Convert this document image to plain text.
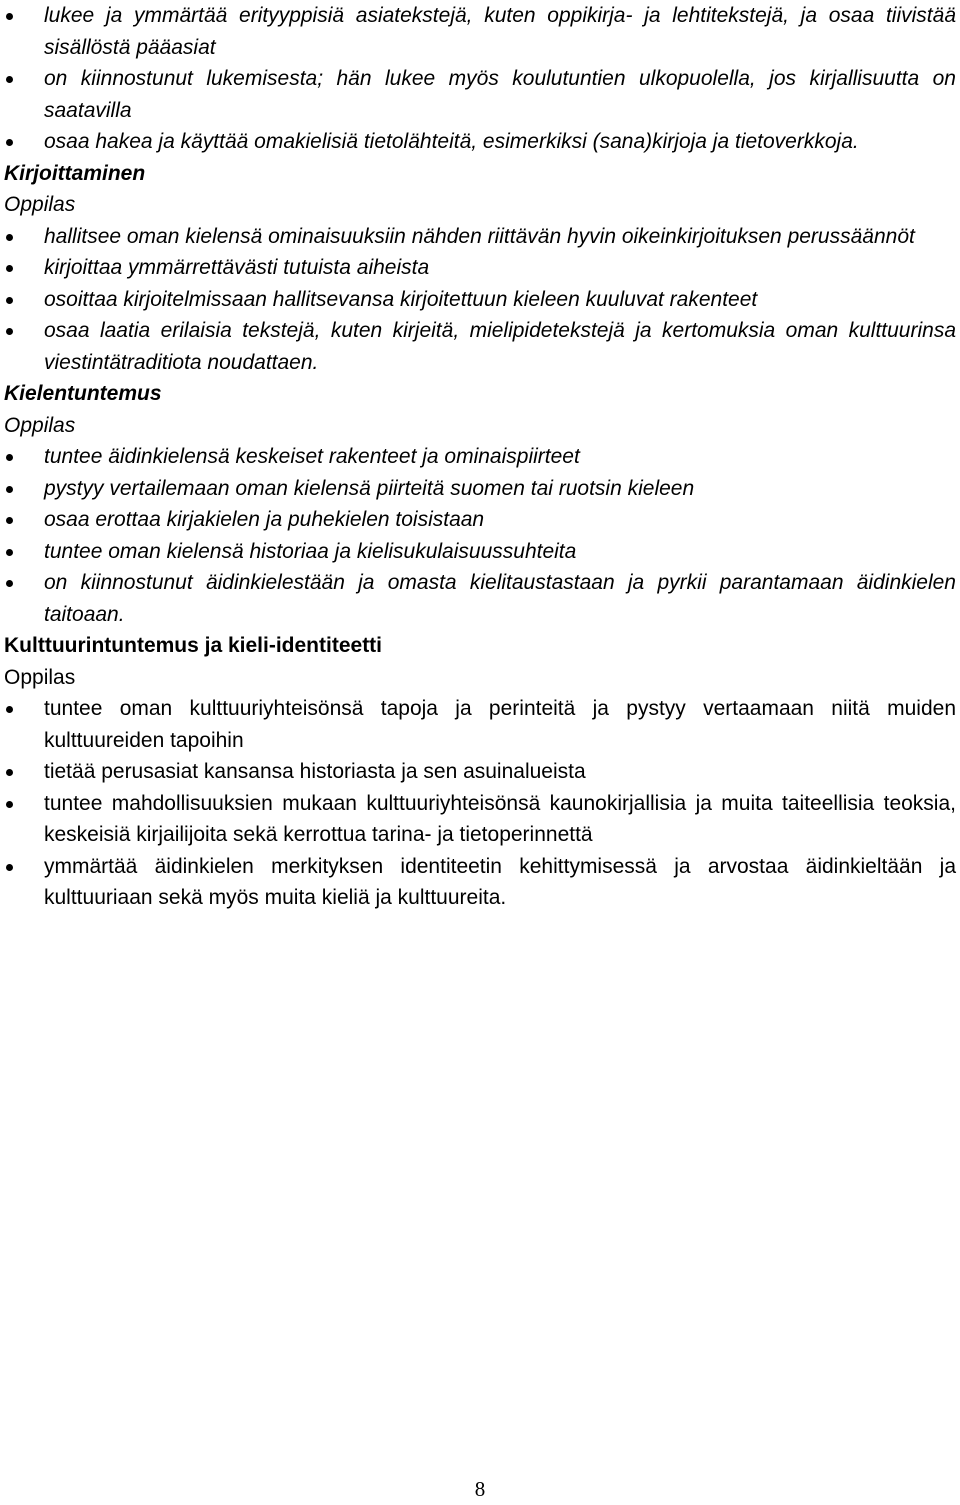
lukee ja ymmärtää erityyppisiä asiatekstejä, kuten oppikirja- ja lehtitekstejä, ja osaa tiivistää sisällöstä pääasiat
on kiinnostunut lukemisesta; hän lukee myös koulutuntien ulkopuolella, jos kirjallisuutta on saatavilla
osaa hakea ja käyttää omakielisiä tietolähteitä, esimerkiksi (sana)kirjoja ja tietoverkkoja.
Kirjoittaminen

Oppilas

hallitsee oman kielensä ominaisuuksiin nähden riittävän hyvin oikeinkirjoituksen perussäännöt
kirjoittaa ymmärrettävästi tutuista aiheista
osoittaa kirjoitelmissaan hallitsevansa kirjoitettuun kieleen kuuluvat rakenteet
osaa laatia erilaisia tekstejä, kuten kirjeitä, mielipidetekstejä ja kertomuksia oman kulttuurinsa viestintätraditiota noudattaen.
Kielentuntemus

Oppilas

tuntee äidinkielensä keskeiset rakenteet ja ominaispiirteet
pystyy vertailemaan oman kielensä piirteitä suomen tai ruotsin kieleen
osaa erottaa kirjakielen ja puhekielen toisistaan
tuntee oman kielensä historiaa ja kielisukulaisuussuhteita
on kiinnostunut äidinkielestään ja omasta kielitaustastaan ja pyrkii parantamaan äidinkielen taitoaan.
Kulttuurintuntemus ja kieli-identiteetti

Oppilas

tuntee oman kulttuuriyhteisönsä tapoja ja perinteitä ja pystyy vertaamaan niitä muiden kulttuureiden tapoihin
tietää perusasiat kansansa historiasta ja sen asuinalueista
tuntee mahdollisuuksien mukaan kulttuuriyhteisönsä kaunokirjallisia ja muita taiteellisia teoksia, keskeisiä kirjailijoita sekä kerrottua tarina- ja tietoperinnettä
ymmärtää äidinkielen merkityksen identiteetin kehittymisessä ja arvostaa äidinkieltään ja kulttuuriaan sekä myös muita kieliä ja kulttuureita.
8
